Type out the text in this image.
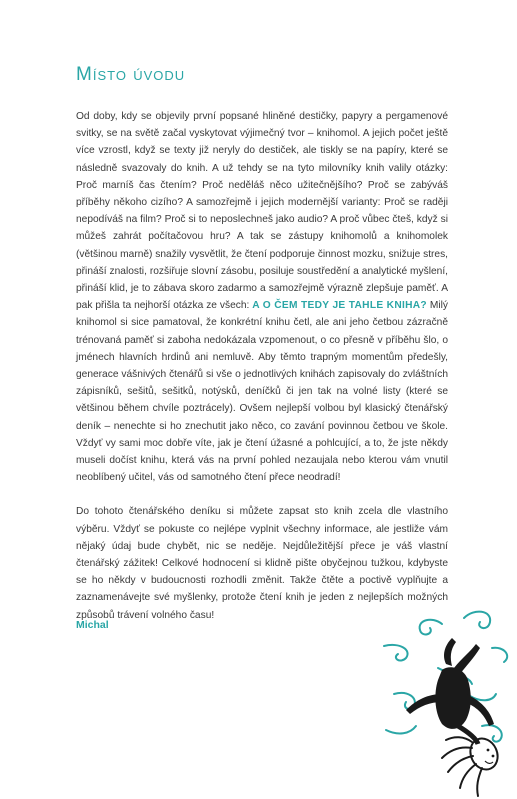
Místo úvodu

Od doby, kdy se objevily první popsané hliněné destičky, papyry a pergamenové svitky, se na světě začal vyskytovat výjimečný tvor – knihomol. A jejich počet ještě více vzrostl, když se texty již neryly do destiček, ale tiskly se na papíry, které se následně svazovaly do knih. A už tehdy se na tyto milovníky knih valily otázky: Proč marníš čas čtením? Proč neděláš něco užitečnějšího? Proč se zabýváš příběhy někoho cizího? A samozřejmě i jejich modernější varianty: Proč se raději nepodíváš na film? Proč si to neposlechneš jako audio? A proč vůbec čteš, když si můžeš zahrát počítačovou hru? A tak se zástupy knihomolů a knihomolek (většinou marně) snažily vysvětlit, že čtení podporuje činnost mozku, snižuje stres, přináší znalosti, rozšiřuje slovní zásobu, posiluje soustředění a analytické myšlení, přináší klid, je to zábava skoro zadarmo a samozřejmě výrazně zlepšuje paměť. A pak přišla ta nejhorší otázka ze všech: A O ČEM TEDY JE TAHLE KNIHA? Milý knihomol si sice pamatoval, že konkrétní knihu četl, ale ani jeho četbou zázračně trénovaná paměť si zaboha nedokázala vzpomenout, o co přesně v příběhu šlo, o jménech hlavních hrdinů ani nemluvě. Aby těmto trapným momentům předešly, generace vášnivých čtenářů si vše o jednotlivých knihách zapisovaly do zvláštních zápisníků, sešitů, sešitků, notýsků, deníčků či jen tak na volné listy (které se většinou během chvíle poztrácely). Ovšem nejlepší volbou byl klasický čtenářský deník – nenechte si ho znechutit jako něco, co zavání povinnou četbou ve škole. Vždyť vy sami moc dobře víte, jak je čtení úžasné a pohlcující, a to, že jste někdy museli dočíst knihu, která vás na první pohled nezaujala nebo kterou vám vnutil neoblíbený učitel, vás od samotného čtení přece neodradí!

Do tohoto čtenářského deníku si můžete zapsat sto knih zcela dle vlastního výběru. Vždyť se pokuste co nejlépe vyplnit všechny informace, ale jestliže vám nějaký údaj bude chybět, nic se neděje. Nejdůležitější přece je váš vlastní čtenářský zážitek! Celkové hodnocení si klidně pište obyčejnou tužkou, kdybyste se ho někdy v budoucnosti rozhodli změnit. Takže čtěte a poctivě vyplňujte a zaznamenávejte své myšlenky, protože čtení knih je jeden z nejlepších možných způsobů trávení volného času!

Michal
